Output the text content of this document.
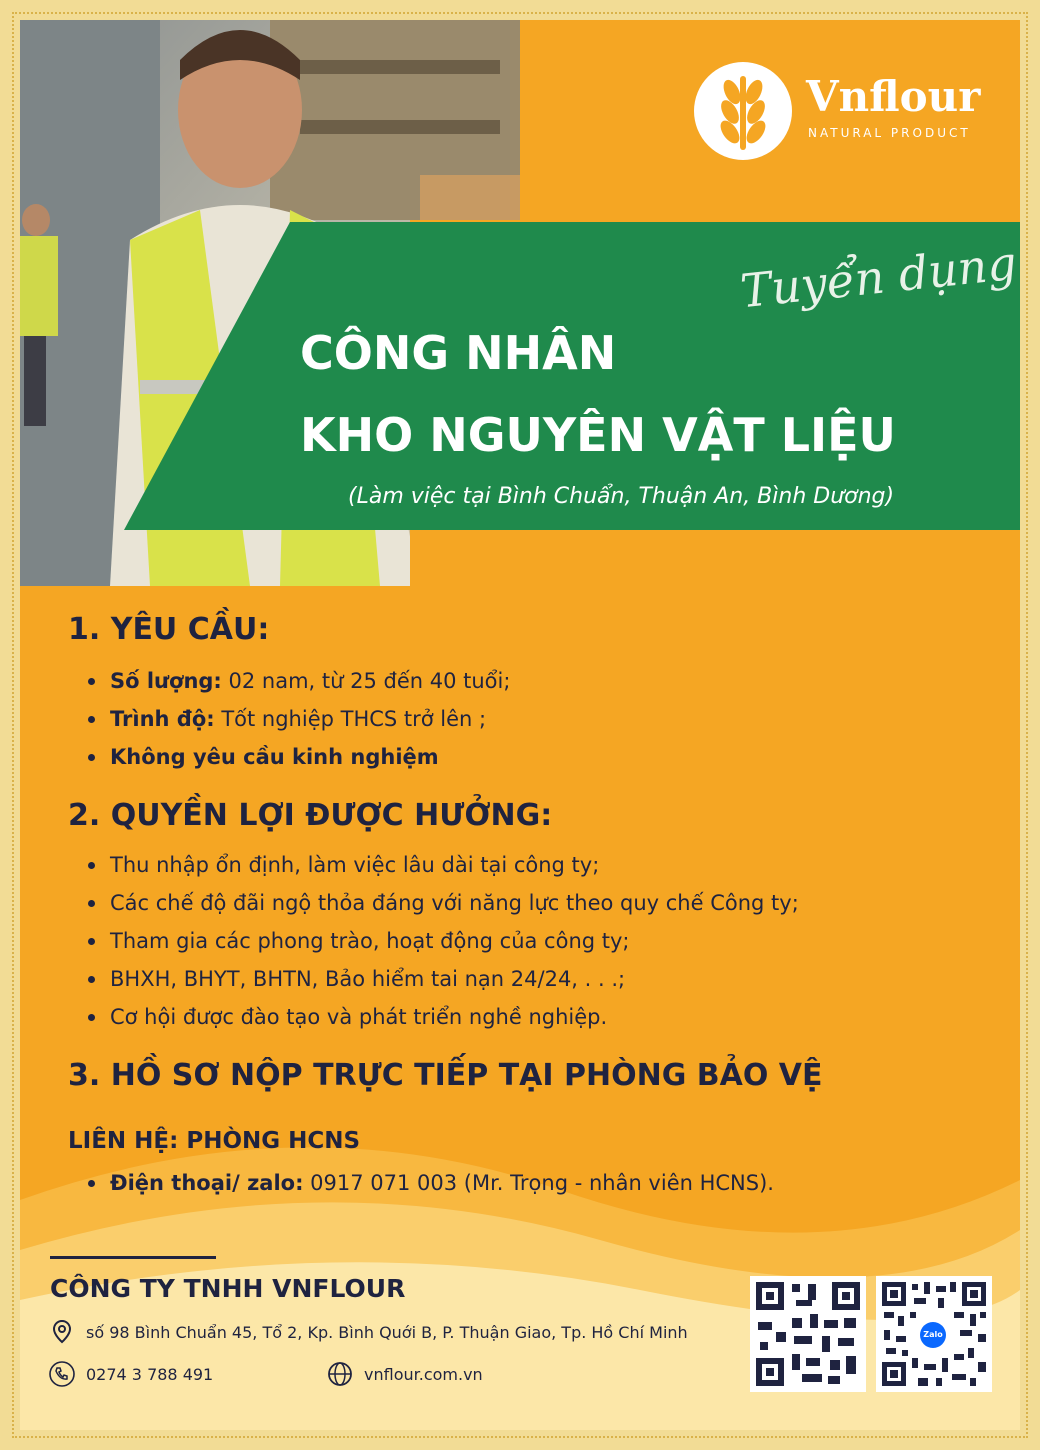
Vnflour
NATURAL PRODUCT
Tuyển dụng
CÔNG NHÂN
KHO NGUYÊN VẬT LIỆU
(Làm việc tại Bình Chuẩn, Thuận An, Bình Dương)
1. YÊU CẦU:
Số lượng: 02 nam, từ 25 đến 40 tuổi;
Trình độ: Tốt nghiệp THCS trở lên ;
Không yêu cầu kinh nghiệm
2. QUYỀN LỢI ĐƯỢC HƯỞNG:
Thu nhập ổn định, làm việc lâu dài tại công ty;
Các chế độ đãi ngộ thỏa đáng với năng lực theo quy chế Công ty;
Tham gia các phong trào, hoạt động của công ty;
BHXH, BHYT, BHTN, Bảo hiểm tai nạn 24/24, . . .;
Cơ hội được đào tạo và phát triển nghề nghiệp.
3. HỒ SƠ NỘP TRỰC TIẾP TẠI PHÒNG BẢO VỆ
LIÊN HỆ: PHÒNG HCNS
Điện thoại/ zalo: 0917 071 003 (Mr. Trọng - nhân viên HCNS).
CÔNG TY TNHH VNFLOUR
số 98 Bình Chuẩn 45, Tổ 2, Kp. Bình Quới B, P. Thuận Giao, Tp. Hồ Chí Minh
0274 3 788 491	vnflour.com.vn
Zalo
